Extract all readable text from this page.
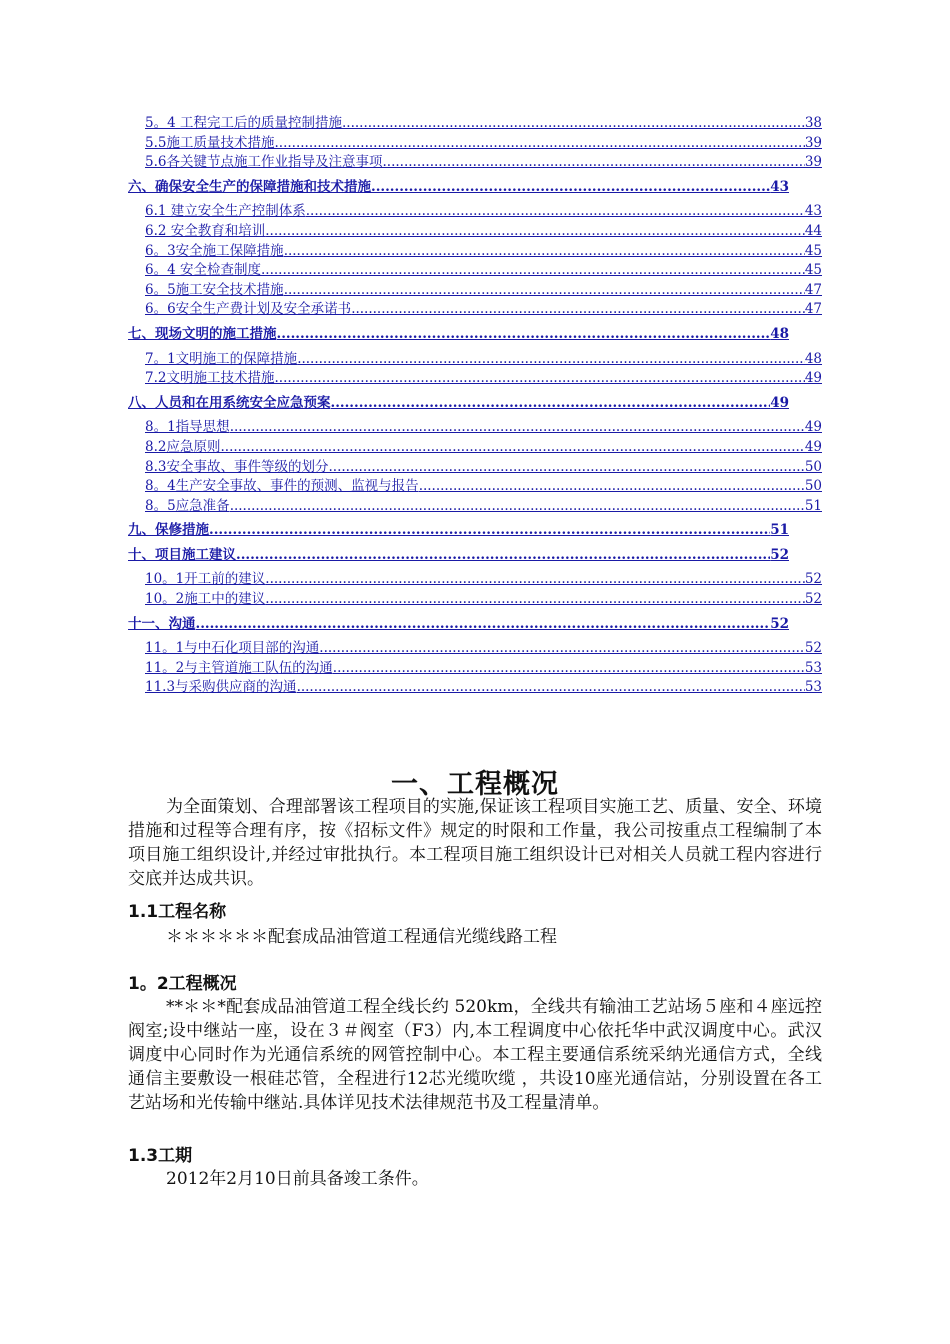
5。4 工程完工后的质量控制措施 .....	38
5.5施工质量技术措施 .....	39
5.6各关键节点施工作业指导及注意事项 .....	39
六、确保安全生产的保障措施和技术措施 .....	43
6.1 建立安全生产控制体系 .....	43
6.2 安全教育和培训 .....	44
6。3安全施工保障措施 .....	45
6。4 安全检查制度 .....	45
6。5施工安全技术措施 .....	47
6。6安全生产费计划及安全承诺书 .....	47
七、现场文明的施工措施 .....	48
7。1文明施工的保障措施 .....	48
7.2文明施工技术措施 .....	49
八、人员和在用系统安全应急预案 .....	49
8。1指导思想 .....	49
8.2应急原则 .....	49
8.3安全事故、事件等级的划分 .....	50
8。4生产安全事故、事件的预测、监视与报告 .....	50
8。5应急准备 .....	51
九、保修措施 .....	51
十、项目施工建议 .....	52
10。1开工前的建议 .....	52
10。2施工中的建议 .....	52
十一、沟通 .....	52
11。1与中石化项目部的沟通 .....	52
11。2与主管道施工队伍的沟通 .....	53
11.3与采购供应商的沟通 .....	53
一、工程概况

为全面策划、合理部署该工程项目的实施,保证该工程项目实施工艺、质量、安全、环境措施和过程等合理有序，按《招标文件》规定的时限和工作量，我公司按重点工程编制了本项目施工组织设计,并经过审批执行。本工程项目施工组织设计已对相关人员就工程内容进行交底并达成共识。

1.1工程名称

＊＊＊＊＊＊配套成品油管道工程通信光缆线路工程

1。2工程概况

**＊＊*配套成品油管道工程全线长约 520km，全线共有输油工艺站场５座和４座远控阀室;设中继站一座，设在３＃阀室（F3）内,本工程调度中心依托华中武汉调度中心。武汉调度中心同时作为光通信系统的网管控制中心。本工程主要通信系统采纳光通信方式，全线通信主要敷设一根硅芯管，全程进行12芯光缆吹缆 ，共设10座光通信站，分别设置在各工艺站场和光传输中继站.具体详见技术法律规范书及工程量清单。

1.3工期

2012年2月10日前具备竣工条件。
